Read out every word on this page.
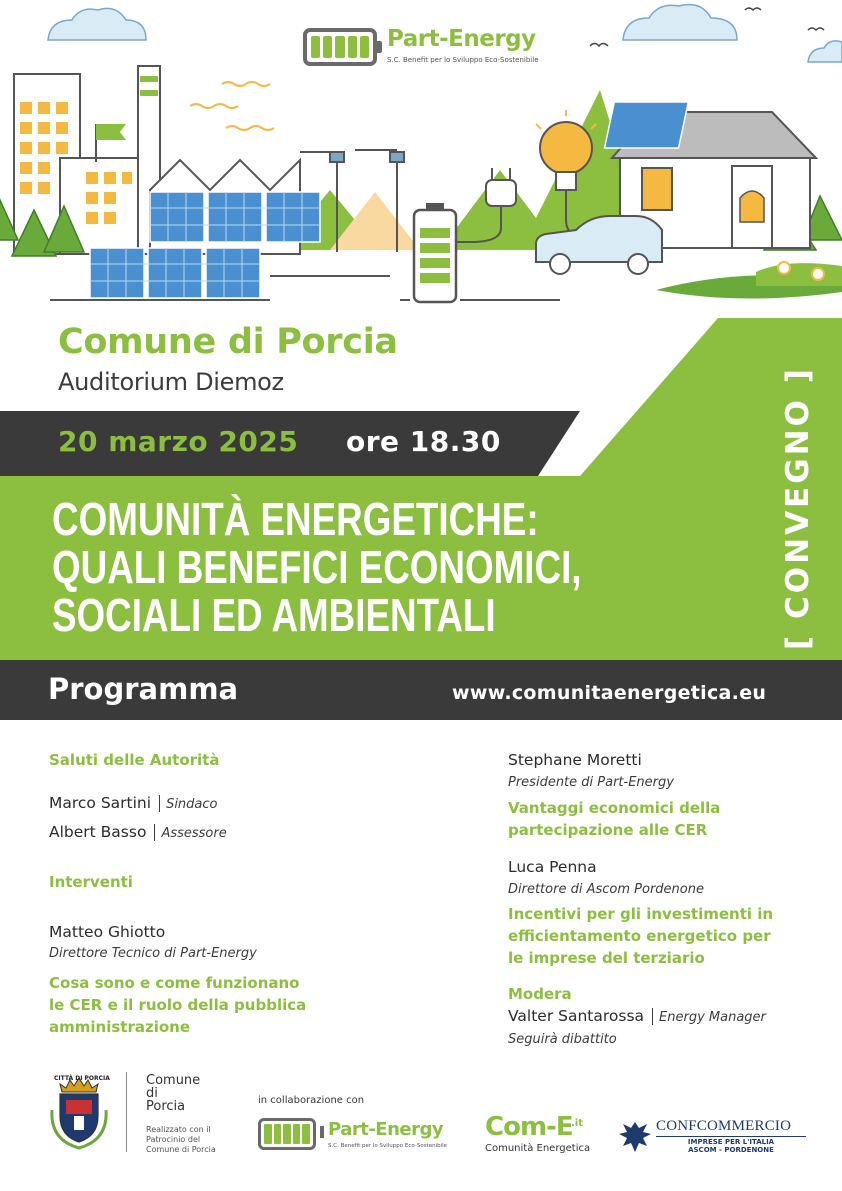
Part-Energy
S.C. Benefit per lo Sviluppo Eco-Sostenibile
Comune di Porcia
Auditorium Diemoz
20 marzo 2025 ore 18.30
COMUNITÀ ENERGETICHE:
QUALI BENEFICI ECONOMICI,
SOCIALI ED AMBIENTALI	[ CONVEGNO ]
Programma	www.comunitaenergetica.eu
Saluti delle Autorità
Marco Sartini Sindaco
Albert Basso Assessore
Interventi
Matteo Ghiotto
Direttore Tecnico di Part-Energy
Cosa sono e come funzionano
le CER e il ruolo della pubblica
amministrazione
Stephane Moretti
Presidente di Part-Energy
Vantaggi economici della
partecipazione alle CER
Luca Penna
Direttore di Ascom Pordenone
Incentivi per gli investimenti in
efficientamento energetico per
le imprese del terziario
Modera
Valter Santarossa Energy Manager
Seguirà dibattito
CITTÀ DI PORCIA	Comune
di
Porcia
Realizzato con il
Patrocinio del
Comune di Porcia
in collaborazione con
Part-Energy
S.C. Benefit per lo Sviluppo Eco-Sostenibile
Com-E
.it
Comunità Energetica
CONFCOMMERCIO
IMPRESE PER L'ITALIA
ASCOM - PORDENONE
